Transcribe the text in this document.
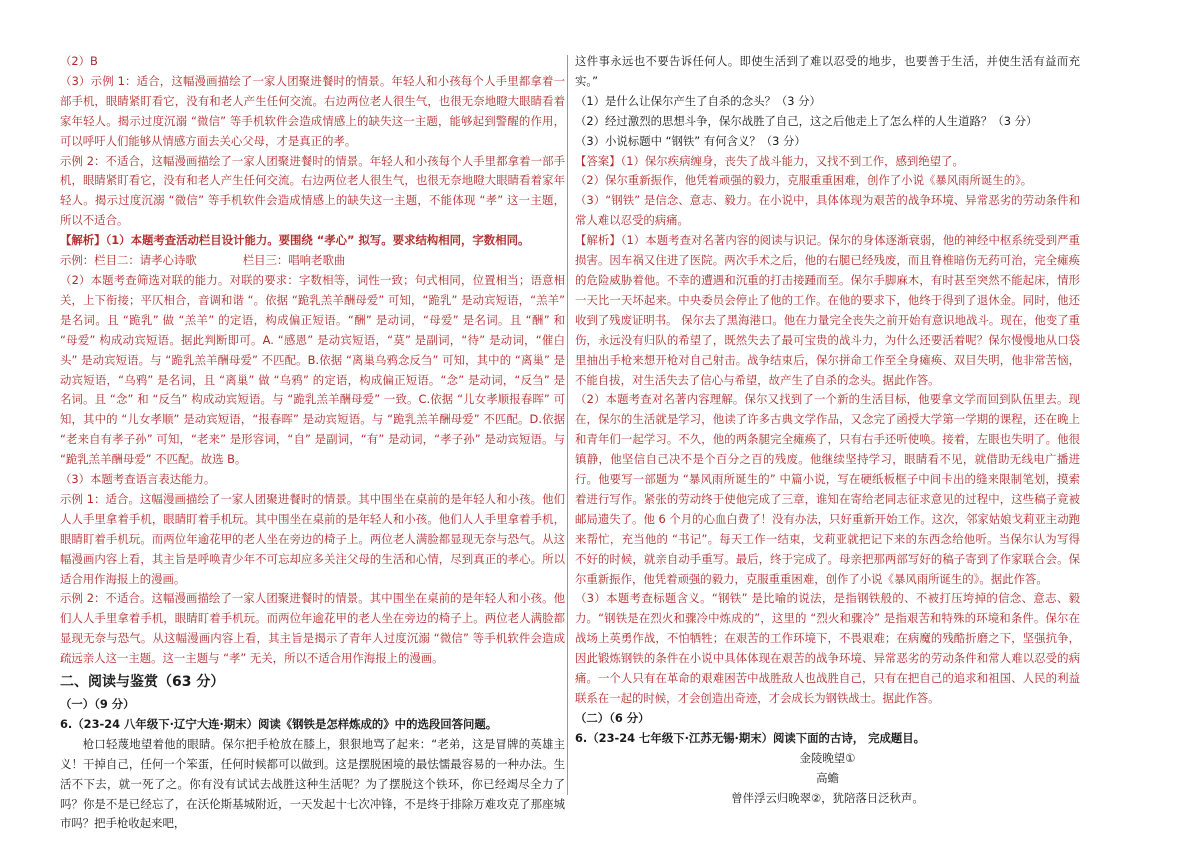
（2）B

（3）示例 1：适合，这幅漫画描绘了一家人团聚进餐时的情景。年轻人和小孩每个人手里都拿着一部手机，眼睛紧盯看它，没有和老人产生任何交流。右边两位老人很生气，也很无奈地瞪大眼睛看着家年轻人。揭示过度沉溺 “微信” 等手机软件会造成情感上的缺失这一主题，能够起到警醒的作用，可以呼吁人们能够从情感方面去关心父母，才是真正的孝。

示例 2：不适合，这幅漫画描绘了一家人团聚进餐时的情景。年轻人和小孩每个人手里都拿着一部手机，眼睛紧盯看它，没有和老人产生任何交流。右边两位老人很生气，也很无奈地瞪大眼睛看着家年轻人。揭示过度沉溺 “微信” 等手机软件会造成情感上的缺失这一主题，不能体现 “孝” 这一主题，所以不适合。

【解析】（1）本题考查活动栏目设计能力。要围绕 “孝心” 拟写。要求结构相同，字数相同。

示例：栏目二：请孝心诗歌	栏目三：唱响老歌曲

（2）本题考查筛选对联的能力。对联的要求：字数相等，词性一致；句式相同，位置相当；语意相关，上下衔接；平仄相合，音调和谐 “。依据 “跪乳羔羊酬母爱” 可知，“跪乳” 是动宾短语，“羔羊” 是名词。且 “跪乳” 做 “羔羊” 的定语，构成偏正短语。“酬” 是动词，“母爱” 是名词。且 “酬” 和 “母爱” 构成动宾短语。据此判断即可。A. “感恩” 是动宾短语，“莫” 是副词，“待” 是动词，“催白头” 是动宾短语。与 “跪乳羔羊酬母爱” 不匹配。B.依据 “离巢乌鸦念反刍” 可知，其中的 “离巢” 是动宾短语，“乌鸦” 是名词，且 “离巢” 做 “乌鸦” 的定语，构成偏正短语。“念” 是动词，“反刍” 是名词。且 “念” 和 “反刍” 构成动宾短语。与 “跪乳羔羊酬母爱” 一致。C.依据 “儿女孝顺报春晖” 可知，其中的 “儿女孝顺” 是动宾短语，“报春晖” 是动宾短语。与 “跪乳羔羊酬母爱” 不匹配。D.依据 “老来自有孝子孙” 可知，“老来” 是形容词，“自” 是副词，“有” 是动词，“孝子孙” 是动宾短语。与 “跪乳羔羊酬母爱” 不匹配。故选 B。

（3）本题考查语言表达能力。

示例 1：适合。这幅漫画描绘了一家人团聚进餐时的情景。其中围坐在桌前的是年轻人和小孩。他们人人手里拿着手机，眼睛盯着手机玩。其中围坐在桌前的是年轻人和小孩。他们人人手里拿着手机，眼睛盯着手机玩。而两位年逾花甲的老人坐在旁边的椅子上。两位老人满脸都显现无奈与恐气。从这幅漫画内容上看，其主旨是呼唤青少年不可忘却应多关注父母的生活和心情，尽到真正的孝心。所以适合用作海报上的漫画。

示例 2：不适合。这幅漫画描绘了一家人团聚进餐时的情景。其中围坐在桌前的是年轻人和小孩。他们人人手里拿着手机，眼睛盯着手机玩。而两位年逾花甲的老人坐在旁边的椅子上。两位老人满脸都显现无奈与恐气。从这幅漫画内容上看，其主旨是揭示了青年人过度沉溺 “微信” 等手机软件会造成疏远亲人这一主题。这一主题与 “孝” 无关，所以不适合用作海报上的漫画。

二、阅读与鉴赏（63 分）

（一）（9 分）

6.（23-24 八年级下·辽宁大连·期末）阅读《钢铁是怎样炼成的》中的选段回答问题。

枪口轻蔑地望着他的眼睛。保尔把手枪放在膝上，狠狠地骂了起来：“老弟，这是冒牌的英雄主义！干掉自己，任何一个笨蛋，任何时候都可以做到。这是摆脱困境的最怯懦最容易的一种办法。生活不下去，就一死了之。你有没有试试去战胜这种生活呢？为了摆脱这个铁环，你已经竭尽全力了吗？你是不是已经忘了，在沃伦斯基城附近，一天发起十七次冲锋，不是终于排除万难攻克了那座城市吗？把手枪收起来吧，

这件事永远也不要告诉任何人。即使生活到了难以忍受的地步，也要善于生活，并使生活有益而充实。”

（1）是什么让保尔产生了自杀的念头？（3 分）

（2）经过激烈的思想斗争，保尔战胜了自己，这之后他走上了怎么样的人生道路？（3 分）

（3）小说标题中 “钢铁” 有何含义？（3 分）

【答案】（1）保尔疾病缠身，丧失了战斗能力，又找不到工作，感到绝望了。

（2）保尔重新振作，他凭着顽强的毅力，克服重重困难，创作了小说《暴风雨所诞生的》。

（3）“钢铁” 是信念、意志、毅力。在小说中，具体体现为艰苦的战争环境、异常恶劣的劳动条件和常人难以忍受的病痛。

【解析】（1）本题考查对名著内容的阅读与识记。保尔的身体逐渐衰弱，他的神经中枢系统受到严重损害。因车祸又住进了医院。两次手术之后，他的右腿已经残废，而且脊椎暗伤无药可治，完全瘫痪的危险威胁着他。不幸的遭遇和沉重的打击接踵而至。保尔手脚麻木，有时甚至突然不能起床，情形一天比一天坏起来。中央委员会停止了他的工作。在他的要求下，他终于得到了退休金。同时，他还收到了残废证明书。 保尔去了黑海港口。他在力量完全丧失之前开始有意识地战斗。现在，他变了重伤，永远没有归队的希望了，既然失去了最可宝贵的战斗力，为什么还要活着呢？保尔慢慢地从口袋里抽出手枪来想开枪对自己射击。战争结束后，保尔拼命工作至全身瘫痪、双目失明，他非常苦恼，不能自拔，对生活失去了信心与希望，故产生了自杀的念头。据此作答。

（2）本题考查对名著内容理解。保尔又找到了一个新的生活目标，他要拿文学而回到队伍里去。现在，保尔的生活就是学习，他读了许多古典文学作品，又念完了函授大学第一学期的课程，还在晚上和青年们一起学习。不久，他的两条腿完全瘫痪了，只有右手还听使唤。接着，左眼也失明了。他很镇静，他坚信自己决不是个百分之百的残废。他继续坚持学习，眼睛看不见，就借助无线电广播进行。他要写一部题为 “暴风雨所诞生的” 中篇小说，写在硬纸板框子中间卡出的缝来限制笔划，摸索着进行写作。紧张的劳动终于使他完成了三章，谁知在寄给老同志征求意见的过程中，这些稿子竟被邮局遗失了。他 6 个月的心血白费了！没有办法，只好重新开始工作。这次，邻家姑娘戈莉亚主动跑来帮忙，充当他的 “书记”。每天工作一结束，戈莉亚就把记下来的东西念给他听。当保尔认为写得不好的时候，就亲自动手重写。最后，终于完成了。母亲把那两部写好的稿子寄到了作家联合会。保尔重新振作，他凭着顽强的毅力，克服重重困难，创作了小说《暴风雨所诞生的》。据此作答。

（3）本题考查标题含义。“钢铁” 是比喻的说法，是指钢铁般的、不被打压垮掉的信念、意志、毅力。“钢铁是在烈火和骤冷中炼成的”，这里的 “烈火和骤冷” 是指艰苦和特殊的环境和条件。保尔在战场上英勇作战，不怕牺牲；在艰苦的工作环境下，不畏艰难；在病魔的残酷折磨之下，坚强抗争，因此锻炼钢铁的条件在小说中具体体现在艰苦的战争环境、异常恶劣的劳动条件和常人难以忍受的病痛。一个人只有在革命的艰难困苦中战胜敌人也战胜自己，只有在把自己的追求和祖国、人民的利益联系在一起的时候，才会创造出奇迹，才会成长为钢铁战士。据此作答。

（二）（6 分）

6.（23-24 七年级下·江苏无锡·期末）阅读下面的古诗， 完成题目。

金陵晚望①

高蟾

曾伴浮云归晚翠②，犹陪落日泛秋声。
